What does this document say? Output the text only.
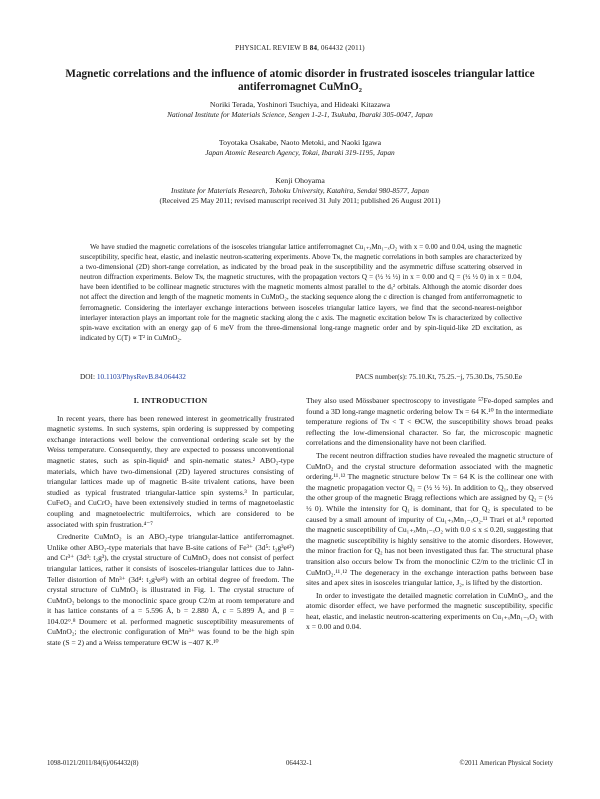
PHYSICAL REVIEW B 84, 064432 (2011)
Magnetic correlations and the influence of atomic disorder in frustrated isosceles triangular lattice
antiferromagnet CuMnO₂
Noriki Terada, Yoshinori Tsuchiya, and Hideaki Kitazawa
National Institute for Materials Science, Sengen 1-2-1, Tsukuba, Ibaraki 305-0047, Japan
Toyotaka Osakabe, Naoto Metoki, and Naoki Igawa
Japan Atomic Research Agency, Tokai, Ibaraki 319-1195, Japan
Kenji Ohoyama
Institute for Materials Research, Tohoku University, Katahira, Sendai 980-8577, Japan
(Received 25 May 2011; revised manuscript received 31 July 2011; published 26 August 2011)
We have studied the magnetic correlations of the isosceles triangular lattice antiferromagnet Cu₁₊ₓMn₁₋ₓO₂ with x = 0.00 and 0.04, using the magnetic susceptibility, specific heat, elastic, and inelastic neutron-scattering experiments. Above Tɴ, the magnetic correlations in both samples are characterized by a two-dimensional (2D) short-range correlation, as indicated by the broad peak in the susceptibility and the asymmetric diffuse scattering observed in neutron diffraction experiments. Below Tɴ, the magnetic structures, with the propagation vectors Q = (½ ½ ½) in x = 0.00 and Q = (½ ½ 0) in x = 0.04, have been identified to be collinear magnetic structures with the magnetic moments almost parallel to the dₓ² orbitals. Although the atomic disorder does not affect the direction and length of the magnetic moments in CuMnO₂, the stacking sequence along the c direction is changed from antiferromagnetic to ferromagnetic. Considering the interlayer exchange interactions between isosceles triangular lattice layers, we find that the second-nearest-neighbor interlayer interaction plays an important role for the magnetic stacking along the c axis. The magnetic excitation below Tɴ is characterized by collective spin-wave excitation with an energy gap of 6 meV from the three-dimensional long-range magnetic order and by spin-liquid-like 2D excitation, as indicated by C(T) ∝ T² in CuMnO₂.
DOI: 10.1103/PhysRevB.84.064432	PACS number(s): 75.10.Kt, 75.25.−j, 75.30.Ds, 75.50.Ee
I. INTRODUCTION

In recent years, there has been renewed interest in geometrically frustrated magnetic systems. In such systems, spin ordering is suppressed by competing exchange interactions well below the conventional ordering scale set by the Weiss temperature. Consequently, they are expected to possess unconventional magnetic states, such as spin-liquid¹ and spin-nematic states.² ABO₂-type materials, which have two-dimensional (2D) layered structures consisting of triangular lattices made up of magnetic B-site trivalent cations, have been studied as typical frustrated triangular-lattice spin systems.³ In particular, CuFeO₂ and CuCrO₂ have been extensively studied in terms of magnetoelastic coupling and magnetoelectric multiferroics, which are considered to be associated with spin frustration.⁴⁻⁷

Crednerite CuMnO₂ is an ABO₂-type triangular-lattice antiferromagnet. Unlike other ABO₂-type materials that have B-site cations of Fe³⁺ (3d⁵: t₂g³eᵍ²) and Cr³⁺ (3d³: t₂g³), the crystal structure of CuMnO₂ does not consist of perfect triangular lattices, rather it consists of isosceles-triangular lattices due to Jahn-Teller distortion of Mn³⁺ (3d⁴: t₂g³eᵍ¹) with an orbital degree of freedom. The crystal structure of CuMnO₂ is illustrated in Fig. 1. The crystal structure of CuMnO₂ belongs to the monoclinic space group C2/m at room temperature and it has lattice constants of a = 5.596 Å, b = 2.880 Å, c = 5.899 Å, and β = 104.02°.⁸ Doumerc et al. performed magnetic susceptibility measurements of CuMnO₂; the electronic configuration of Mn³⁺ was found to be the high spin state (S = 2) and a Weiss temperature ΘCW is −407 K.¹⁰

They also used Mössbauer spectroscopy to investigate ⁵⁷Fe-doped samples and found a 3D long-range magnetic ordering below Tɴ = 64 K.¹⁰ In the intermediate temperature regions of Tɴ < T < ΘCW, the susceptibility shows broad peaks reflecting the low-dimensional character. So far, the microscopic magnetic correlations and the dimensionality have not been clarified.

The recent neutron diffraction studies have revealed the magnetic structure of CuMnO₂ and the crystal structure deformation associated with the magnetic ordering.¹¹˒¹² The magnetic structure below Tɴ = 64 K is the collinear one with the magnetic propagation vector Q₁ = (½ ½ ½). In addition to Q₁, they observed the other group of the magnetic Bragg reflections which are assigned by Q₂ = (½ ½ 0). While the intensity for Q₁ is dominant, that for Q₂ is speculated to be caused by a small amount of impurity of Cu₁₊ₓMn₁₋ₓO₂.¹¹ Trari et al.⁹ reported the magnetic susceptibility of Cu₁₊ₓMn₁₋ₓO₂ with 0.0 ≤ x ≤ 0.20, suggesting that the magnetic susceptibility is highly sensitive to the atomic disorders. However, the minor fraction for Q₂ has not been investigated thus far. The structural phase transition also occurs below Tɴ from the monoclinic C2/m to the triclinic CĪ in CuMnO₂.¹¹˒¹² The degeneracy in the exchange interaction paths between base sites and apex sites in isosceles triangular lattice, J₂, is lifted by the distortion.

In order to investigate the detailed magnetic correlation in CuMnO₂, and the atomic disorder effect, we have performed the magnetic susceptibility, specific heat, elastic, and inelastic neutron-scattering experiments on Cu₁₊ₓMn₁₋ₓO₂ with x = 0.00 and 0.04.

1098-0121/2011/84(6)/064432(8)	064432-1	©2011 American Physical Society
